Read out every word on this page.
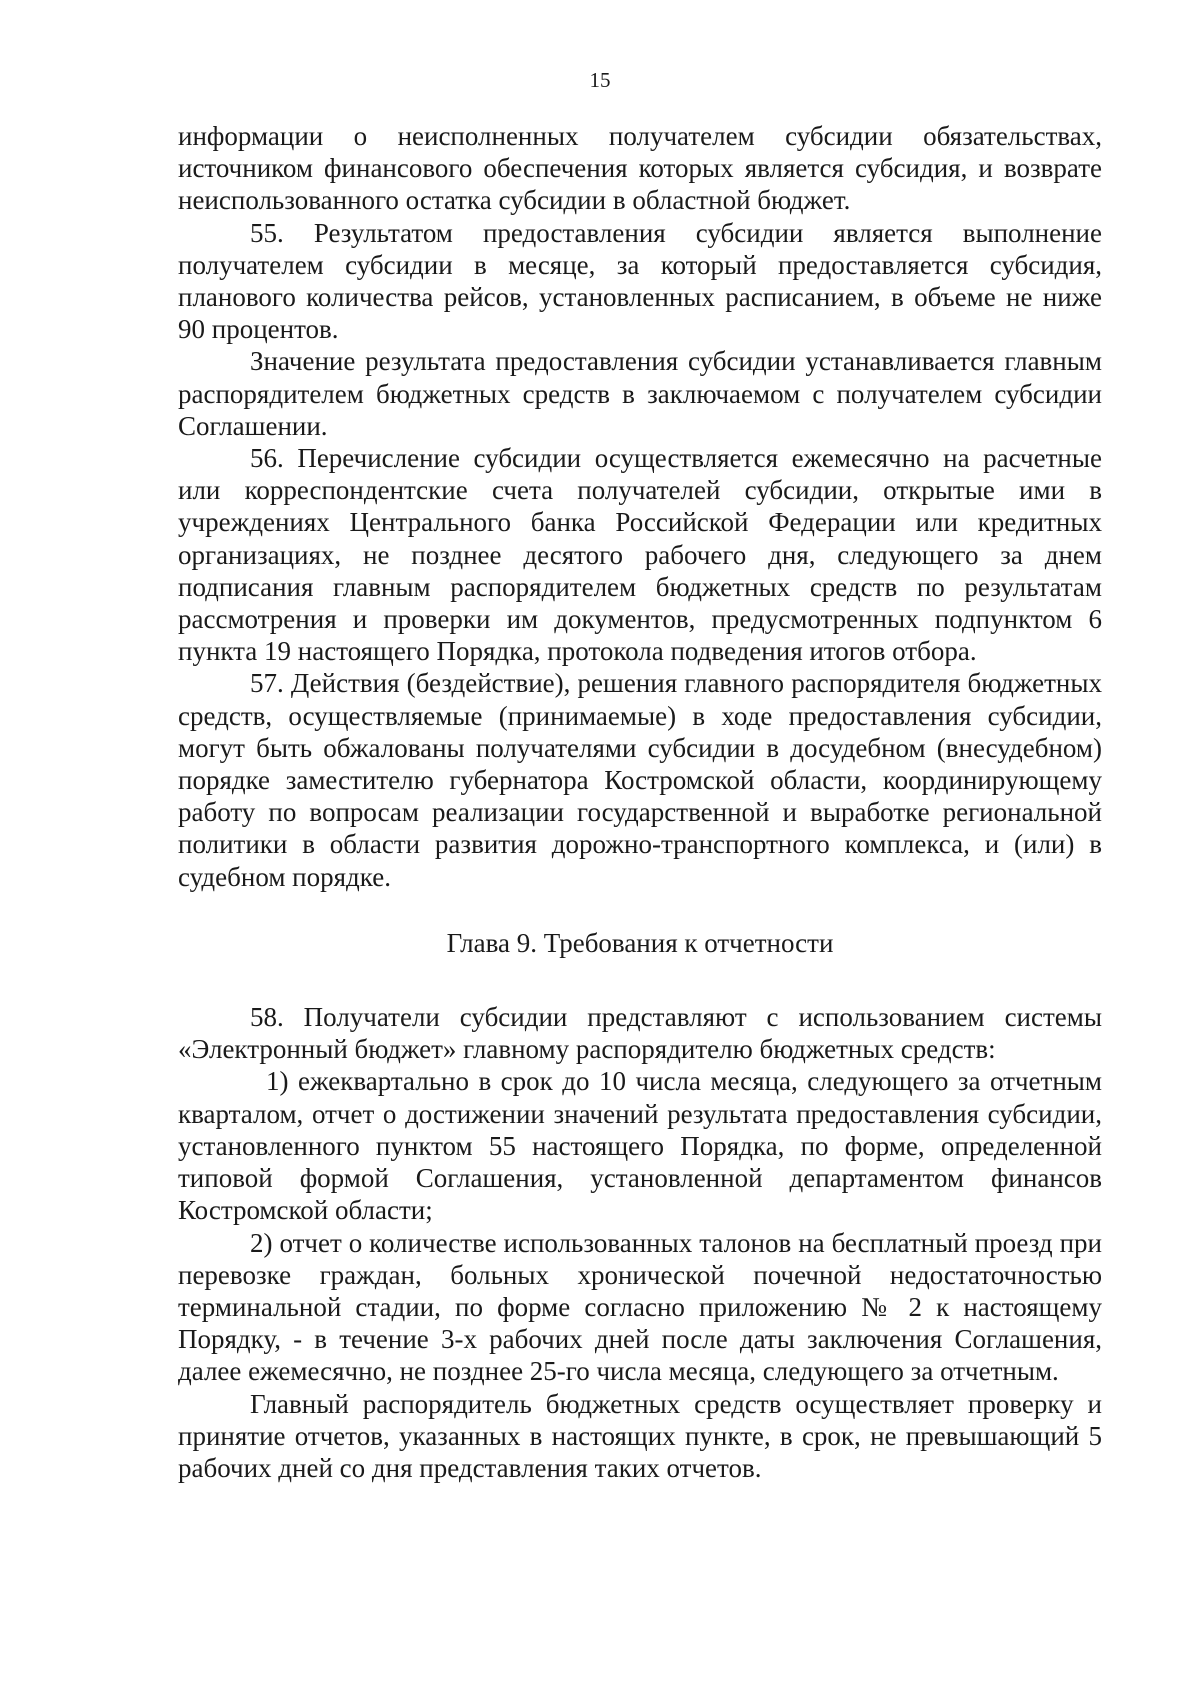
15

информации о неисполненных получателем субсидии обязательствах, источником финансового обеспечения которых является субсидия, и возврате неиспользованного остатка субсидии в областной бюджет.

55. Результатом предоставления субсидии является выполнение получателем субсидии в месяце, за который предоставляется субсидия, планового количества рейсов, установленных расписанием, в объеме не ниже 90 процентов.

Значение результата предоставления субсидии устанавливается главным распорядителем бюджетных средств в заключаемом с получателем субсидии Соглашении.

56. Перечисление субсидии осуществляется ежемесячно на расчетные или корреспондентские счета получателей субсидии, открытые ими в учреждениях Центрального банка Российской Федерации или кредитных организациях, не позднее десятого рабочего дня, следующего за днем подписания главным распорядителем бюджетных средств по результатам рассмотрения и проверки им документов, предусмотренных подпунктом 6 пункта 19 настоящего Порядка, протокола подведения итогов отбора.

57. Действия (бездействие), решения главного распорядителя бюджетных средств, осуществляемые (принимаемые) в ходе предоставления субсидии, могут быть обжалованы получателями субсидии в досудебном (внесудебном) порядке заместителю губернатора Костромской области, координирующему работу по вопросам реализации государственной и выработке региональной политики в области развития дорожно-транспортного комплекса, и (или) в судебном порядке.

Глава 9. Требования к отчетности

58. Получатели субсидии представляют с использованием системы «Электронный бюджет» главному распорядителю бюджетных средств:

1) ежеквартально в срок до 10 числа месяца, следующего за отчетным кварталом, отчет о достижении значений результата предоставления субсидии, установленного пунктом 55 настоящего Порядка, по форме, определенной типовой формой Соглашения, установленной департаментом финансов Костромской области;

2) отчет о количестве использованных талонов на бесплатный проезд при перевозке граждан, больных хронической почечной недостаточностью терминальной стадии, по форме согласно приложению № 2 к настоящему Порядку, - в течение 3-х рабочих дней после даты заключения Соглашения, далее ежемесячно, не позднее 25-го числа месяца, следующего за отчетным.

Главный распорядитель бюджетных средств осуществляет проверку и принятие отчетов, указанных в настоящих пункте, в срок, не превышающий 5 рабочих дней со дня представления таких отчетов.
